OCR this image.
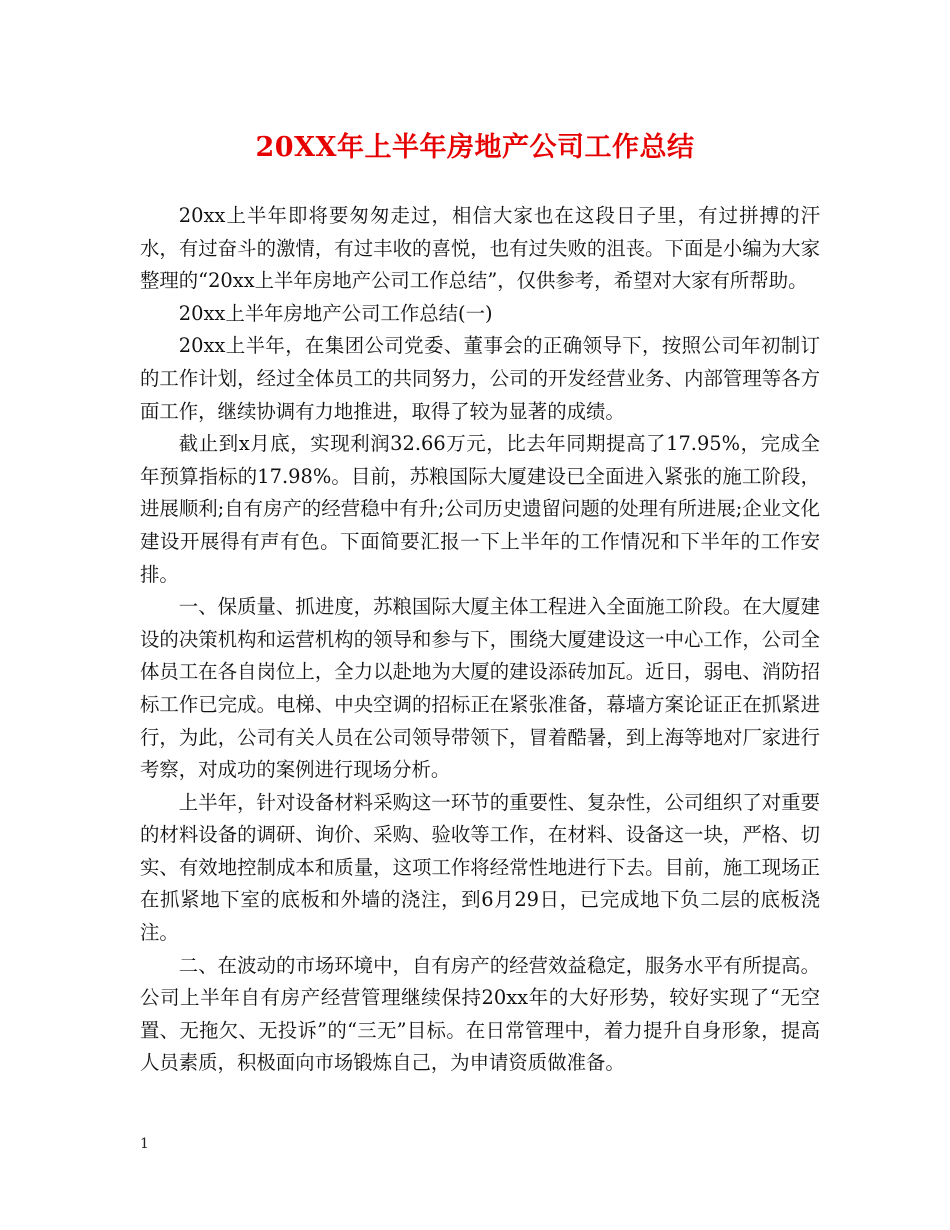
20XX年上半年房地产公司工作总结

20xx上半年即将要匆匆走过，相信大家也在这段日子里，有过拼搏的汗水，有过奋斗的激情，有过丰收的喜悦，也有过失败的沮丧。下面是小编为大家整理的“20xx上半年房地产公司工作总结”，仅供参考，希望对大家有所帮助。

20xx上半年房地产公司工作总结(一)

20xx上半年，在集团公司党委、董事会的正确领导下，按照公司年初制订的工作计划，经过全体员工的共同努力，公司的开发经营业务、内部管理等各方面工作，继续协调有力地推进，取得了较为显著的成绩。

截止到x月底，实现利润32.66万元，比去年同期提高了17.95%，完成全年预算指标的17.98%。目前，苏粮国际大厦建设已全面进入紧张的施工阶段，进展顺利;自有房产的经营稳中有升;公司历史遗留问题的处理有所进展;企业文化建设开展得有声有色。下面简要汇报一下上半年的工作情况和下半年的工作安排。

一、保质量、抓进度，苏粮国际大厦主体工程进入全面施工阶段。在大厦建设的决策机构和运营机构的领导和参与下，围绕大厦建设这一中心工作，公司全体员工在各自岗位上，全力以赴地为大厦的建设添砖加瓦。近日，弱电、消防招标工作已完成。电梯、中央空调的招标正在紧张准备，幕墙方案论证正在抓紧进行，为此，公司有关人员在公司领导带领下，冒着酷暑，到上海等地对厂家进行考察，对成功的案例进行现场分析。

上半年，针对设备材料采购这一环节的重要性、复杂性，公司组织了对重要的材料设备的调研、询价、采购、验收等工作，在材料、设备这一块，严格、切实、有效地控制成本和质量，这项工作将经常性地进行下去。目前，施工现场正在抓紧地下室的底板和外墙的浇注，到6月29日，已完成地下负二层的底板浇注。

二、在波动的市场环境中，自有房产的经营效益稳定，服务水平有所提高。公司上半年自有房产经营管理继续保持20xx年的大好形势，较好实现了“无空置、无拖欠、无投诉”的“三无”目标。在日常管理中，着力提升自身形象，提高人员素质，积极面向市场锻炼自己，为申请资质做准备。

1
